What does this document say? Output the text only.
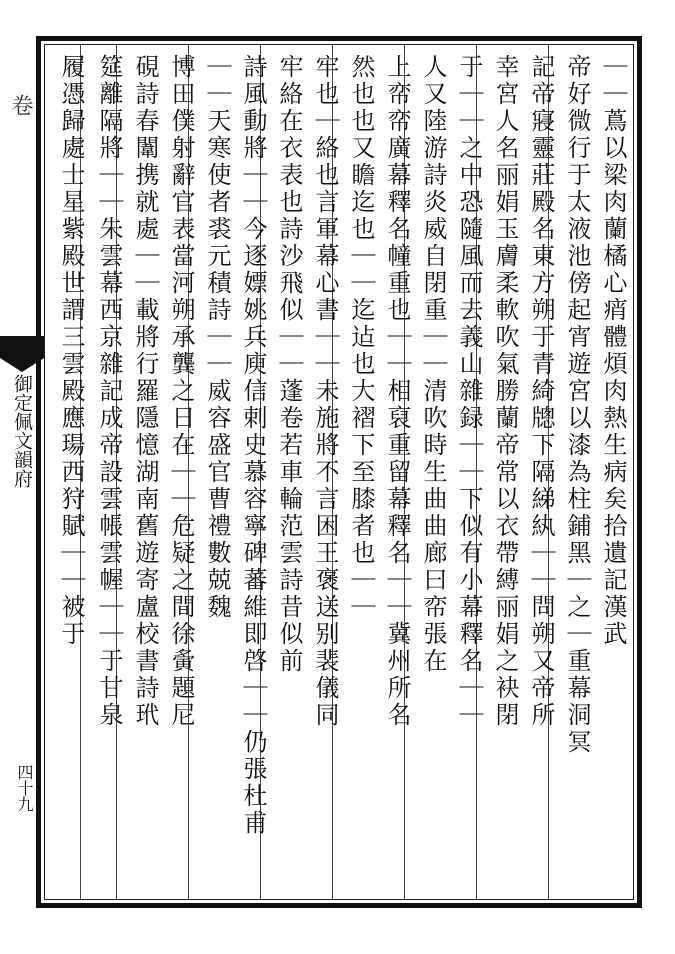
卷
御定佩文韻府
四十九
｜｜蔦以梁肉蘭橘心痟體煩肉熱生病矣拾遺記漢武
帝好微行于太液池傍起宵遊宮以漆為柱鋪黑｜之｜重幕洞冥
記帝寢靈莊殿名東方朔于青綺牕下隔綈紈｜｜問朔又帝所
幸宮人名丽娟玉膚柔軟吹氣勝蘭帝常以衣帶縛丽娟之袂閉
于｜｜之中恐隨風而去義山雜録｜｜下似有小幕釋名｜｜
人又陸游詩炎威自閉重｜｜清吹時生曲曲廊曰帟張在
上帟帟廣幕釋名幢重也｜｜相裒重留幕釋名｜｜冀州所名
然也也又瞻迄也｜｜迄迠也大褶下至膝者也｜｜
牢也｜絡也言軍幕心書｜｜未施將不言困王褒送别裴儀同
牢絡在衣表也詩沙飛似｜｜蓬卷若車輪范雲詩昔似前
詩風動將｜｜今逐嫖姚兵庾信剌史慕容寧碑蕃維即啓｜｜仍張杜甫
｜｜天寒使者裘元積詩｜｜威容盛官曹禮數兢魏
博田僕射辭官表當河朔承龔之日在｜｜危疑之間徐夤題尼
硯詩春闈携就處｜｜載將行羅隱憶湖南舊遊寄盧校書詩玳
筵離隔將｜｜朱雲幕西京雜記成帝設雲帳雲幄｜｜于甘泉
履憑歸處士星紫殿世謂三雲殿應瑒西狩賦｜｜被于
